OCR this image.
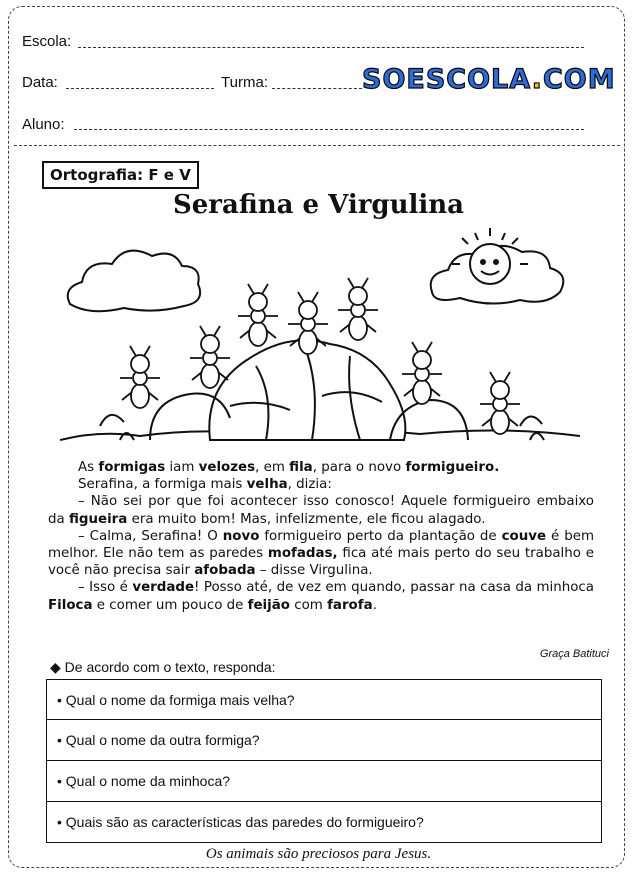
Escola:
Data:	Turma:	SOESCOLA.COM
Aluno:
Ortografia: F e V
Serafina e Virgulina

As formigas iam velozes, em fila, para o novo formigueiro.

Serafina, a formiga mais velha, dizia:

– Não sei por que foi acontecer isso conosco! Aquele formigueiro embaixo da figueira era muito bom! Mas, infelizmente, ele ficou alagado.

– Calma, Serafina! O novo formigueiro perto da plantação de couve é bem melhor. Ele não tem as paredes mofadas, fica até mais perto do seu trabalho e você não precisa sair afobada – disse Virgulina.

– Isso é verdade! Posso até, de vez em quando, passar na casa da minhoca Filoca e comer um pouco de feijão com farofa.

Graça Batituci
◆ De acordo com o texto, responda:
• Qual o nome da formiga mais velha?
• Qual o nome da outra formiga?
• Qual o nome da minhoca?
• Quais são as características das paredes do formigueiro?
Os animais são preciosos para Jesus.
